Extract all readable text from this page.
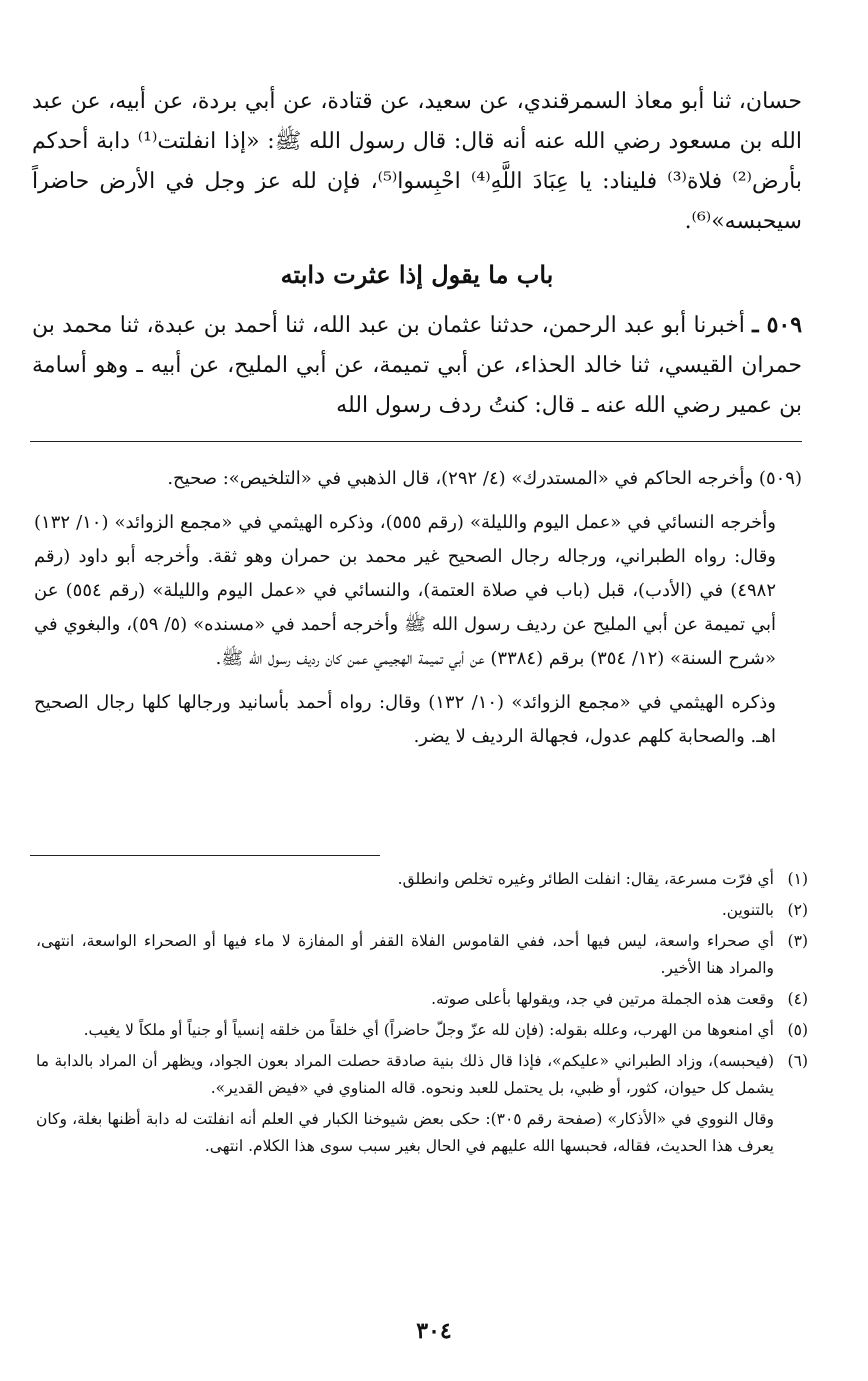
حسان، ثنا أبو معاذ السمرقندي، عن سعيد، عن قتادة، عن أبي بردة، عن أبيه، عن عبد الله بن مسعود رضي الله عنه أنه قال: قال رسول الله ﷺ: «إذا انفلتت⁽¹⁾ دابة أحدكم بأرض⁽²⁾ فلاة⁽³⁾ فليناد: يا عِبَادَ اللَّهِ⁽⁴⁾ احْبِسوا⁽⁵⁾، فإن لله عز وجل في الأرض حاضراً سيحبسه»⁽⁶⁾.

باب ما يقول إذا عثرت دابته
٥٠٩ ـ أخبرنا أبو عبد الرحمن، حدثنا عثمان بن عبد الله، ثنا أحمد بن عبدة، ثنا محمد بن حمران القيسي، ثنا خالد الحذاء، عن أبي تميمة، عن أبي المليح، عن أبيه ـ وهو أسامة بن عمير رضي الله عنه ـ قال: كنتُ ردف رسول الله

(٥٠٩) وأخرجه الحاكم في «المستدرك» (٤/ ٢٩٢)، قال الذهبي في «التلخيص»: صحيح.

وأخرجه النسائي في «عمل اليوم والليلة» (رقم ٥٥٥)، وذكره الهيثمي في «مجمع الزوائد» (١٠/ ١٣٢) وقال: رواه الطبراني، ورجاله رجال الصحيح غير محمد بن حمران وهو ثقة. وأخرجه أبو داود (رقم ٤٩٨٢) في (الأدب)، قبل (باب في صلاة العتمة)، والنسائي في «عمل اليوم والليلة» (رقم ٥٥٤) عن أبي تميمة عن أبي المليح عن رديف رسول الله ﷺ وأخرجه أحمد في «مسنده» (٥/ ٥٩)، والبغوي في «شرح السنة» (١٢/ ٣٥٤) برقم (٣٣٨٤) عن أبي تميمة الهجيمي عمن كان رديف رسول الله ﷺ.

وذكره الهيثمي في «مجمع الزوائد» (١٠/ ١٣٢) وقال: رواه أحمد بأسانيد ورجالها كلها رجال الصحيح اهـ. والصحابة كلهم عدول، فجهالة الرديف لا يضر.

(١)
أي فرّت مسرعة، يقال: انفلت الطائر وغيره تخلص وانطلق.
(٢)
بالتنوين.
(٣)
أي صحراء واسعة، ليس فيها أحد، ففي القاموس الفلاة القفر أو المفازة لا ماء فيها أو الصحراء الواسعة، انتهى، والمراد هنا الأخير.
(٤)
وقعت هذه الجملة مرتين في جد، ويقولها بأعلى صوته.
(٥)
أي امنعوها من الهرب، وعلله بقوله: (فإن لله عزّ وجلّ حاضراً) أي خلقاً من خلقه إنسياً أو جنياً أو ملكاً لا يغيب.
(٦)
(فيحبسه)، وزاد الطبراني «عليكم»، فإذا قال ذلك بنية صادقة حصلت المراد بعون الجواد، ويظهر أن المراد بالدابة ما يشمل كل حيوان، كثور، أو ظبي، بل يحتمل للعبد ونحوه. قاله المناوي في «فيض القدير».
وقال النووي في «الأذكار» (صفحة رقم ٣٠٥): حكى بعض شيوخنا الكبار في العلم أنه انفلتت له دابة أظنها بغلة، وكان يعرف هذا الحديث، فقاله، فحبسها الله عليهم في الحال بغير سبب سوى هذا الكلام. انتهى.
٣٠٤
